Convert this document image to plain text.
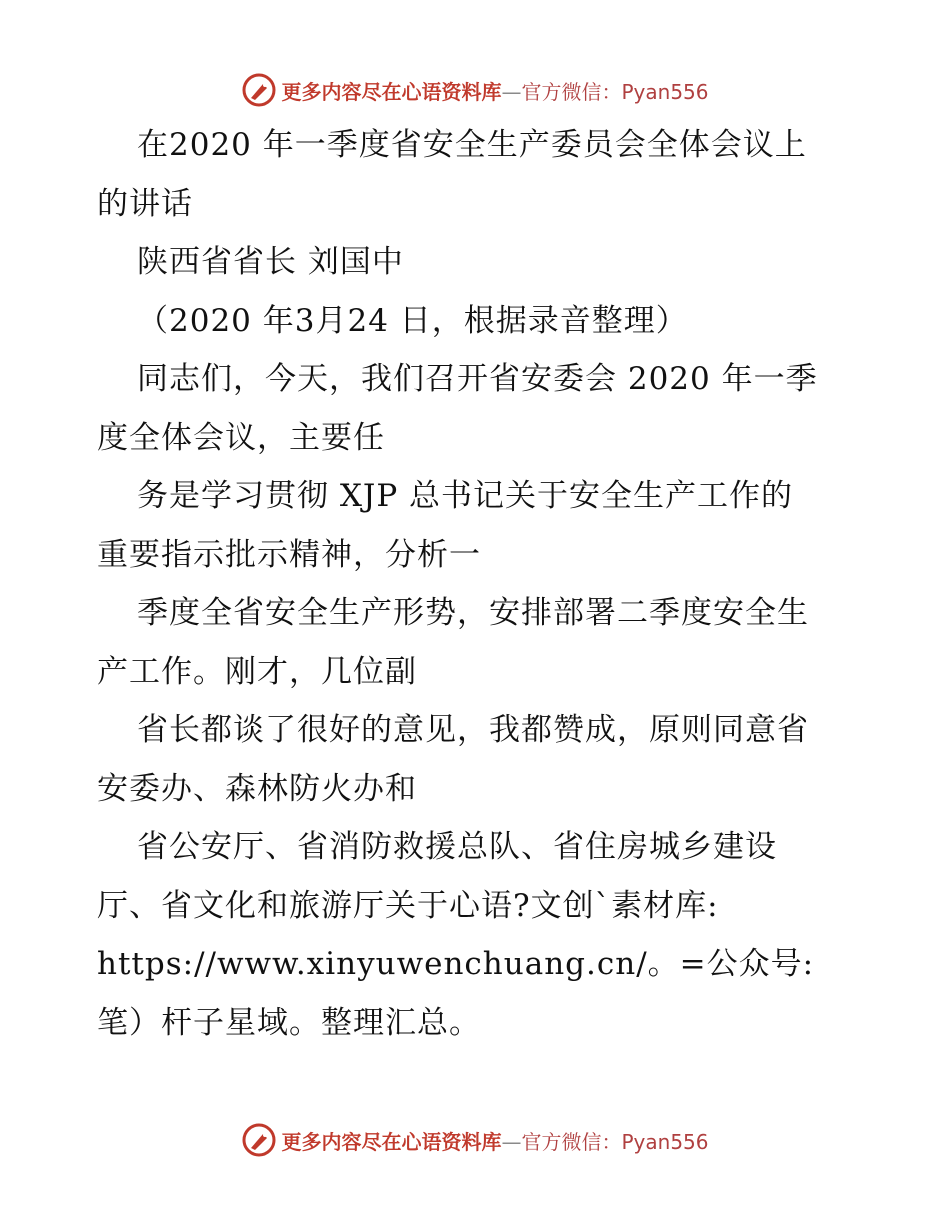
更多内容尽在心语资料库—官方微信：Pyan556
在2020 年一季度省安全生产委员会全体会议上
的讲话
陕西省省长 刘国中
（2020 年3月24 日，根据录音整理）
同志们，今天，我们召开省安委会 2020 年一季
度全体会议，主要任
务是学习贯彻 XJP 总书记关于安全生产工作的
重要指示批示精神，分析一
季度全省安全生产形势，安排部署二季度安全生
产工作。刚才，几位副
省长都谈了很好的意见，我都赞成，原则同意省
安委办、森林防火办和
省公安厅、省消防救援总队、省住房城乡建设
厅、省文化和旅游厅关于心语?文创`素材库:
https://www.xinyuwenchuang.cn/。=公众号:
笔）杆子星域。整理汇总。
更多内容尽在心语资料库—官方微信：Pyan556
